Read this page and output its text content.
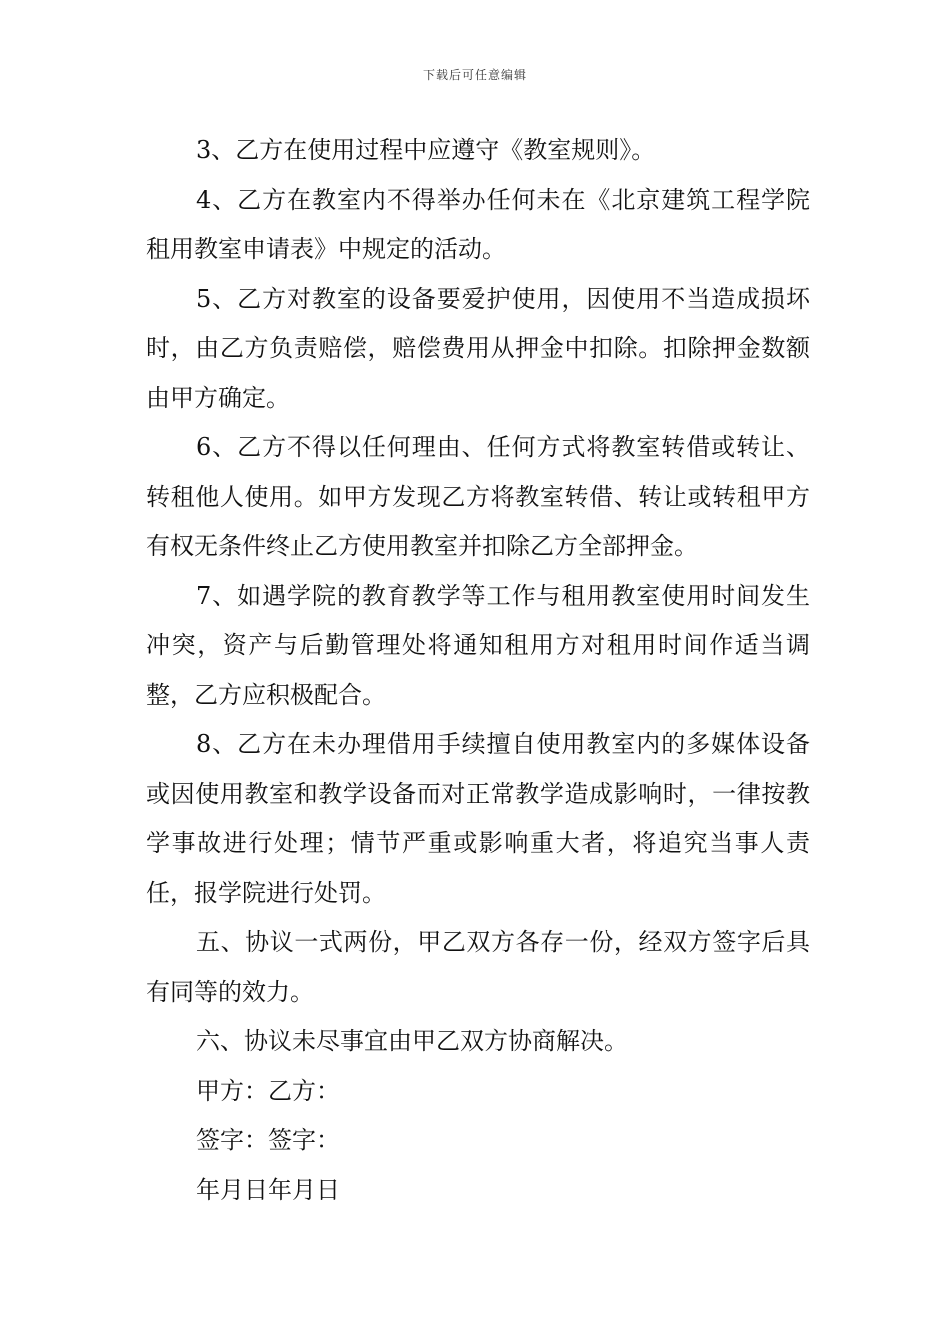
下载后可任意编辑

3、乙方在使用过程中应遵守《教室规则》。

4、乙方在教室内不得举办任何未在《北京建筑工程学院租用教室申请表》中规定的活动。

5、乙方对教室的设备要爱护使用，因使用不当造成损坏时，由乙方负责赔偿，赔偿费用从押金中扣除。扣除押金数额由甲方确定。

6、乙方不得以任何理由、任何方式将教室转借或转让、转租他人使用。如甲方发现乙方将教室转借、转让或转租甲方有权无条件终止乙方使用教室并扣除乙方全部押金。

7、如遇学院的教育教学等工作与租用教室使用时间发生冲突，资产与后勤管理处将通知租用方对租用时间作适当调整，乙方应积极配合。

8、乙方在未办理借用手续擅自使用教室内的多媒体设备或因使用教室和教学设备而对正常教学造成影响时，一律按教学事故进行处理；情节严重或影响重大者，将追究当事人责任，报学院进行处罚。

五、协议一式两份，甲乙双方各存一份，经双方签字后具有同等的效力。

六、协议未尽事宜由甲乙双方协商解决。

甲方：乙方：

签字：签字：

年月日年月日
